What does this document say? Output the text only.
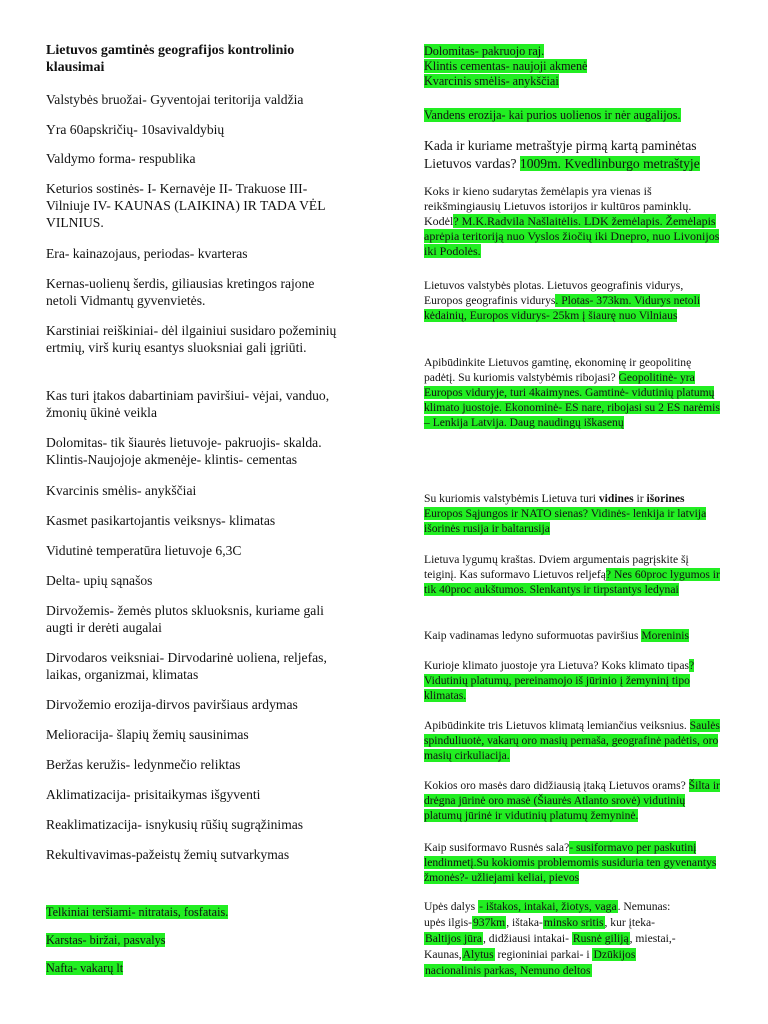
Lietuvos gamtinės geografijos kontrolinio klausimai
Valstybės bruožai- Gyventojai teritorija valdžia
Yra 60apskričių- 10savivaldybių
Valdymo forma- respublika
Keturios sostinės- I- Kernavėje II- Trakuose III- Vilniuje IV- KAUNAS (LAIKINA) IR TADA VĖL VILNIUS.
Era- kainazojaus, periodas- kvarteras
Kernas-uolienų šerdis, giliausias kretingos rajone netoli Vidmantų gyvenvietės.
Karstiniai reiškiniai- dėl ilgainiui susidaro požeminių ertmių, virš kurių esantys sluoksniai gali įgriūti.
Kas turi įtakos dabartiniam paviršiui- vėjai, vanduo, žmonių ūkinė veikla
Dolomitas- tik šiaurės lietuvoje- pakruojis- skalda. Klintis-Naujojoje akmenėje- klintis- cementas
Kvarcinis smėlis- anykščiai
Kasmet pasikartojantis veiksnys- klimatas
Vidutinė temperatūra lietuvoje 6,3C
Delta- upių sąnašos
Dirvožemis- žemės plutos skluoksnis, kuriame gali augti ir derėti augalai
Dirvodaros veiksniai- Dirvodarinė uoliena, reljefas, laikas, organizmai, klimatas
Dirvožemio erozija-dirvos paviršiaus ardymas
Melioracija- šlapių žemių sausinimas
Beržas keružis- ledynmečio reliktas
Aklimatizacija- prisitaikymas išgyventi
Reaklimatizacija- isnykusių rūšių sugrąžinimas
Rekultivavimas-pažeistų žemių sutvarkymas
Telkiniai teršiami- nitratais, fosfatais.
Karstas- biržai, pasvalys
Nafta- vakarų lt
Dolomitas- pakruojo raj.
Klintis cementas- naujoji akmenė
Kvarcinis smėlis- anykščiai
Vandens erozija- kai purios uolienos ir nėr augalijos.
Kada ir kuriame metraštyje pirmą kartą paminėtas Lietuvos vardas? 1009m. Kvedlinburgo metraštyje
Koks ir kieno sudarytas žemėlapis yra vienas iš reikšmingiausių Lietuvos istorijos ir kultūros paminklų. Kodėl? M.K.Radvila Našlaitėlis. LDK žemėlapis. Žemėlapis aprėpia teritoriją nuo Vyslos žiočių iki Dnepro, nuo Livonijos iki Podolės.
Lietuvos valstybės plotas. Lietuvos geografinis vidurys, Europos geografinis vidurys. Plotas- 373km. Vidurys netoli kėdainių, Europos vidurys- 25km į šiaurę nuo Vilniaus
Apibūdinkite Lietuvos gamtinę, ekonominę ir geopolitinę padėtį. Su kuriomis valstybėmis ribojasi? Geopolitinė- yra Europos viduryje, turi 4kaimynes. Gamtinė- vidutinių platumų klimato juostoje. Ekonominė- ES nare, ribojasi su 2 ES narėmis – Lenkija Latvija. Daug naudingų iškasenų
Su kuriomis valstybėmis Lietuva turi vidines ir išorines Europos Sąjungos ir NATO sienas? Vidinės- lenkija ir latvija išorinės rusija ir baltarusija
Lietuva lygumų kraštas. Dviem argumentais pagrįskite šį teiginį. Kas suformavo Lietuvos reljefą? Nes 60proc lygumos ir tik 40proc aukštumos. Slenkantys ir tirpstantys ledynai
Kaip vadinamas ledyno suformuotas paviršius Moreninis
Kurioje klimato juostoje yra Lietuva? Koks klimato tipas? Vidutinių platumų, pereinamojo iš jūrinio į žemyninį tipo klimatas.
Apibūdinkite tris Lietuvos klimatą lemiančius veiksnius. Saulės spinduliuotė, vakarų oro masių pernaša, geografinė padėtis, oro masių cirkuliacija.
Kokios oro masės daro didžiausią įtaką Lietuvos orams? Šilta ir drėgna jūrinė oro masė (Šiaurės Atlanto srovė) vidutinių platumų jūrinė ir vidutinių platumų žemyninė.
Kaip susiformavo Rusnės sala?- susiformavo per paskutinį lendinmetį.Su kokiomis problemomis susiduria ten gyvenantys žmonės?- užliejami keliai, pievos
Upės dalys - ištakos, intakai, žiotys, vaga. Nemunas:
upės ilgis-937km, ištaka-minsko sritis, kur įteka-
Baltijos jūra, didžiausi intakai- Rusnė giliją, miestai,-
Kaunas,Alytus regioniniai parkai- i Dzūkijos
nacionalinis parkas, Nemuno deltos
